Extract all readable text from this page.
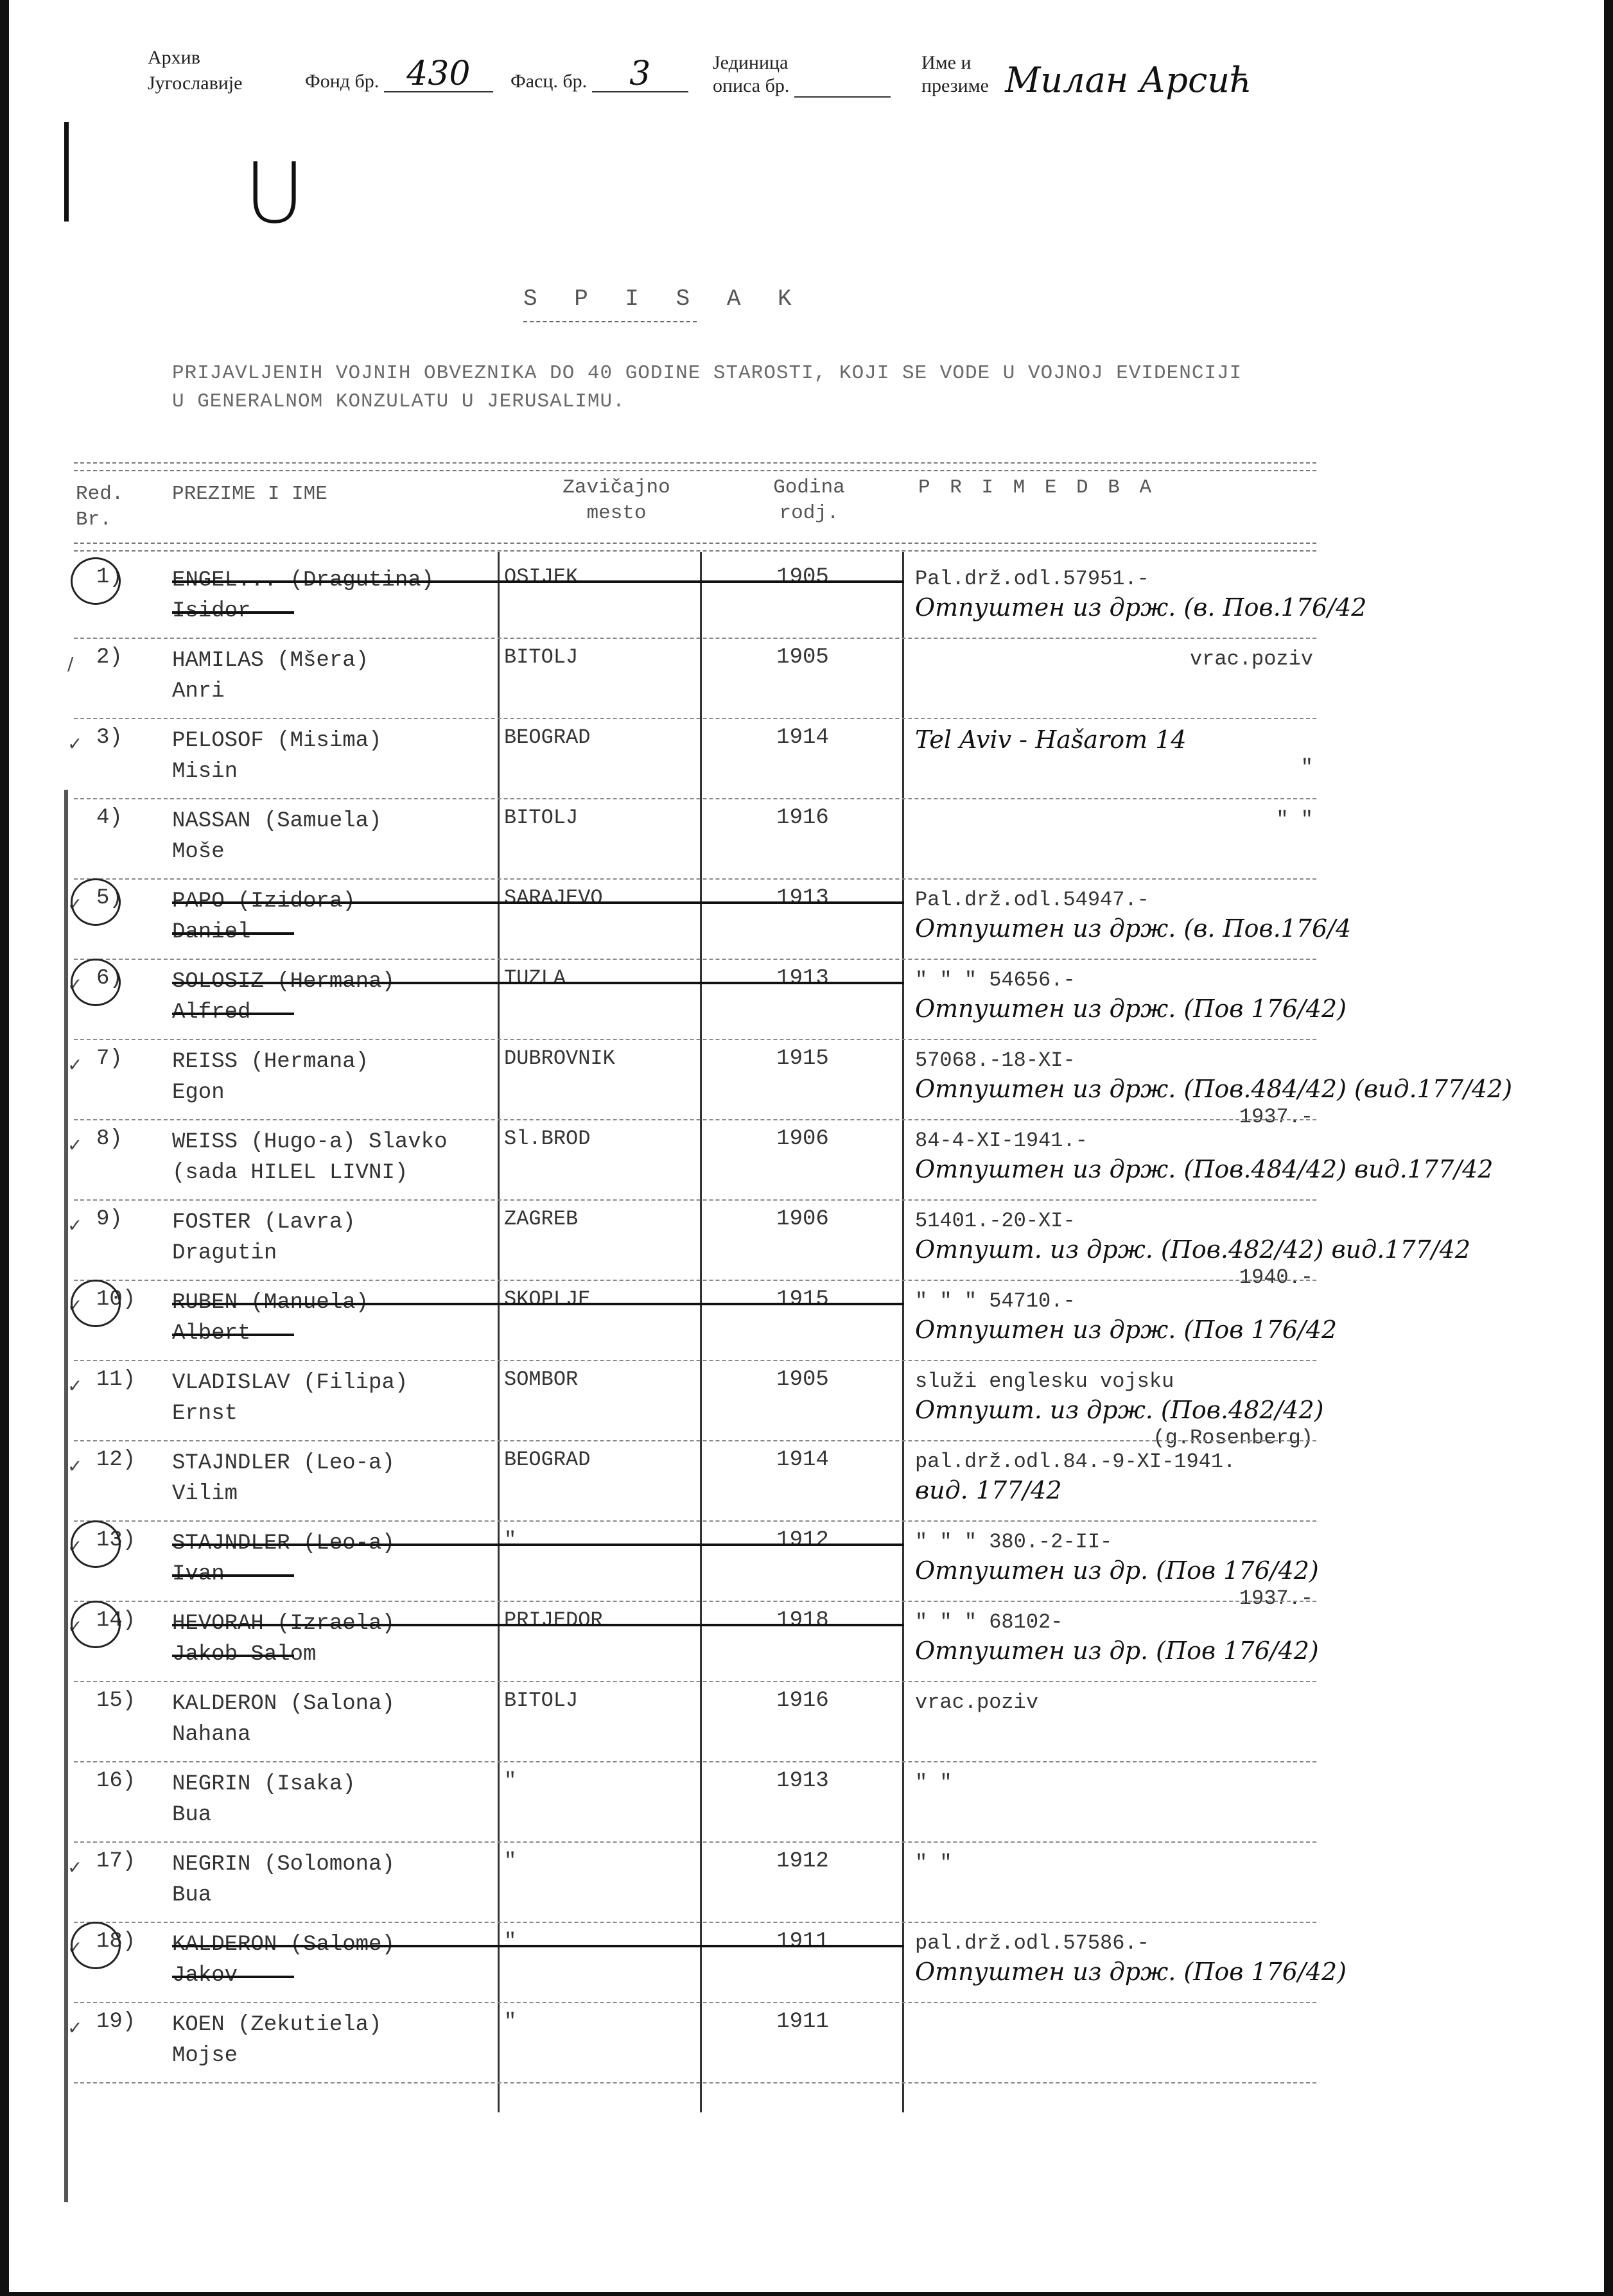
Архив
Југославије	Фонд бр. 430	Фасц. бр. 3	Јединица
описа бр.
Име и
презиме Милан Арсић
U
S P I S A K
PRIJAVLJENIH VOJNIH OBVEZNIKA DO 40 GODINE STAROSTI, KOJI SE VODE U VOJNOJ EVIDENCIJI U GENERALNOM KONZULATU U JERUSALIMU.
Red.
Br.
PREZIME I IME	Zavičajno
mesto
Godina
rodj.
P R I M E D B A
1) ENGEL... (Dragutina)
Isidor
OSIJEK	1905	Pal.drž.odl.57951.-
Отпуштен из држ. (в. Пов.176/42
/ 2) HAMILAS (Mšera)
Anri
BITOLJ	1905	vrac.poziv
✓ 3) PELOSOF (Misima)
Misin
BEOGRAD	1914	Tel Aviv - Hašarom 14
"
4) NASSAN (Samuela)
Moše
BITOLJ	1916	" "
✓ 5) PAPO (Izidora)
Daniel
SARAJEVO	1913	Pal.drž.odl.54947.-
Отпуштен из држ. (в. Пов.176/4
✓ 6) SOLOSIZ (Hermana)
Alfred
TUZLA	1913	" " " 54656.-
Отпуштен из држ. (Пов 176/42)
✓ 7) REISS (Hermana)
Egon
DUBROVNIK	1915	57068.-18-XI-
Отпуштен из држ. (Пов.484/42) (вид.177/42)
1937.-
✓ 8) WEISS (Hugo-a) Slavko
(sada HILEL LIVNI)
Sl.BROD	1906	84-4-XI-1941.-
Отпуштен из држ. (Пов.484/42) вид.177/42
✓ 9) FOSTER (Lavra)
Dragutin
ZAGREB	1906	51401.-20-XI-
Отпушт. из држ. (Пов.482/42) вид.177/42
1940.-
✓ 10) RUBEN (Manuela)
Albert
SKOPLJE	1915	" " " 54710.-
Отпуштен из држ. (Пов 176/42
✓ 11) VLADISLAV (Filipa)
Ernst
SOMBOR	1905	služi englesku vojsku
Отпушт. из држ. (Пов.482/42)
(g.Rosenberg)
✓ 12) STAJNDLER (Leo-a)
Vilim
BEOGRAD	1914	pal.drž.odl.84.-9-XI-1941.
вид. 177/42
✓ 13) STAJNDLER (Leo-a)
Ivan
"	1912	" " " 380.-2-II-
Отпуштен из др. (Пов 176/42)
1937.-
✓ 14) HEVORAH (Izraela)
Jakob Salom
PRIJEDOR	1918	" " " 68102-
Отпуштен из др. (Пов 176/42)
15) KALDERON (Salona)
Nahana
BITOLJ	1916	vrac.poziv
16) NEGRIN (Isaka)
Bua
"	1913	" "
✓ 17) NEGRIN (Solomona)
Bua
"	1912	" "
✓ 18) KALDERON (Salome)
Jakov
"	1911	pal.drž.odl.57586.-
Отпуштен из држ. (Пов 176/42)
✓ 19) KOEN (Zekutiela)
Mojse
"	1911
